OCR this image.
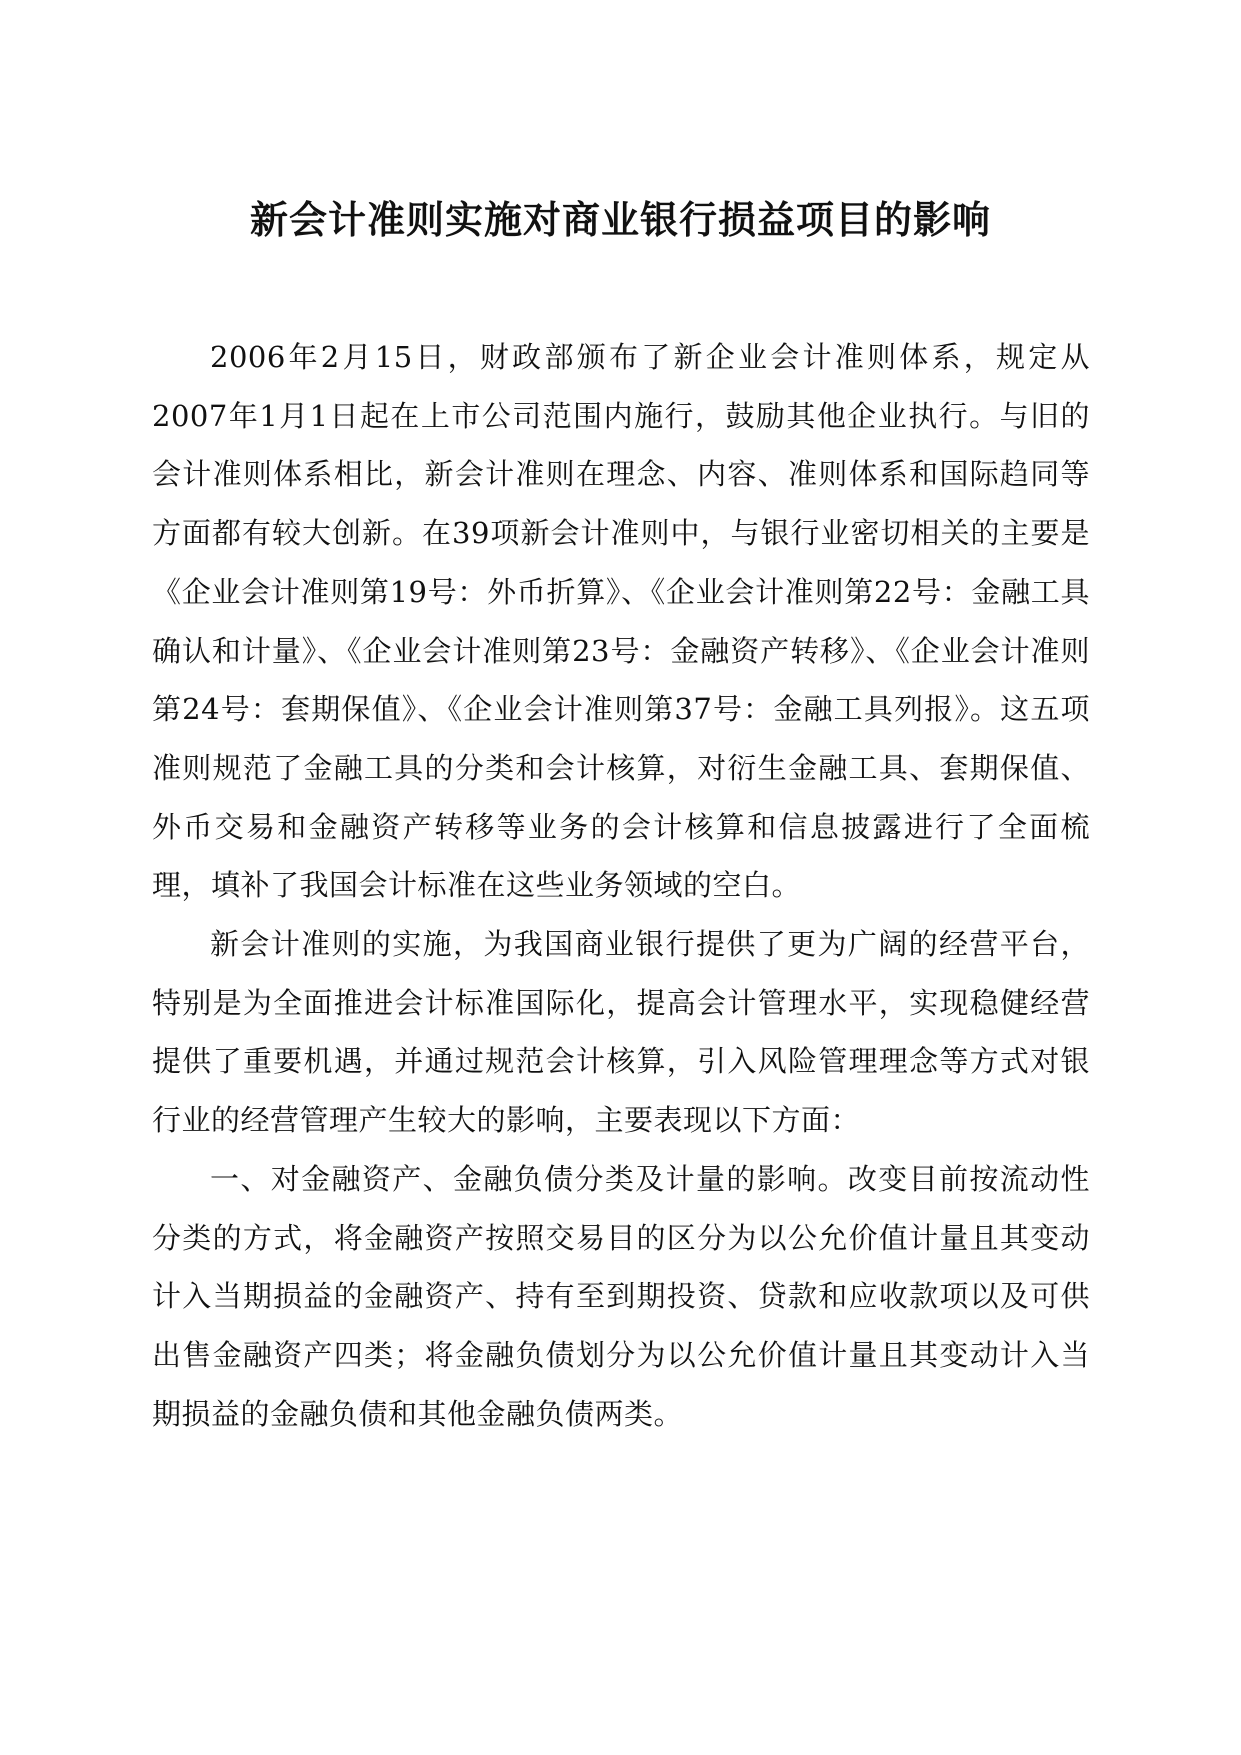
新会计准则实施对商业银行损益项目的影响

2006年2月15日，财政部颁布了新企业会计准则体系，规定从2007年1月1日起在上市公司范围内施行，鼓励其他企业执行。与旧的会计准则体系相比，新会计准则在理念、内容、准则体系和国际趋同等方面都有较大创新。在39项新会计准则中，与银行业密切相关的主要是《企业会计准则第19号：外币折算》、《企业会计准则第22号：金融工具确认和计量》、《企业会计准则第23号：金融资产转移》、《企业会计准则第24号：套期保值》、《企业会计准则第37号：金融工具列报》。这五项准则规范了金融工具的分类和会计核算，对衍生金融工具、套期保值、外币交易和金融资产转移等业务的会计核算和信息披露进行了全面梳理，填补了我国会计标准在这些业务领域的空白。

新会计准则的实施，为我国商业银行提供了更为广阔的经营平台，特别是为全面推进会计标准国际化，提高会计管理水平，实现稳健经营提供了重要机遇，并通过规范会计核算，引入风险管理理念等方式对银行业的经营管理产生较大的影响，主要表现以下方面：

一、对金融资产、金融负债分类及计量的影响。改变目前按流动性分类的方式，将金融资产按照交易目的区分为以公允价值计量且其变动计入当期损益的金融资产、持有至到期投资、贷款和应收款项以及可供出售金融资产四类；将金融负债划分为以公允价值计量且其变动计入当期损益的金融负债和其他金融负债两类。
